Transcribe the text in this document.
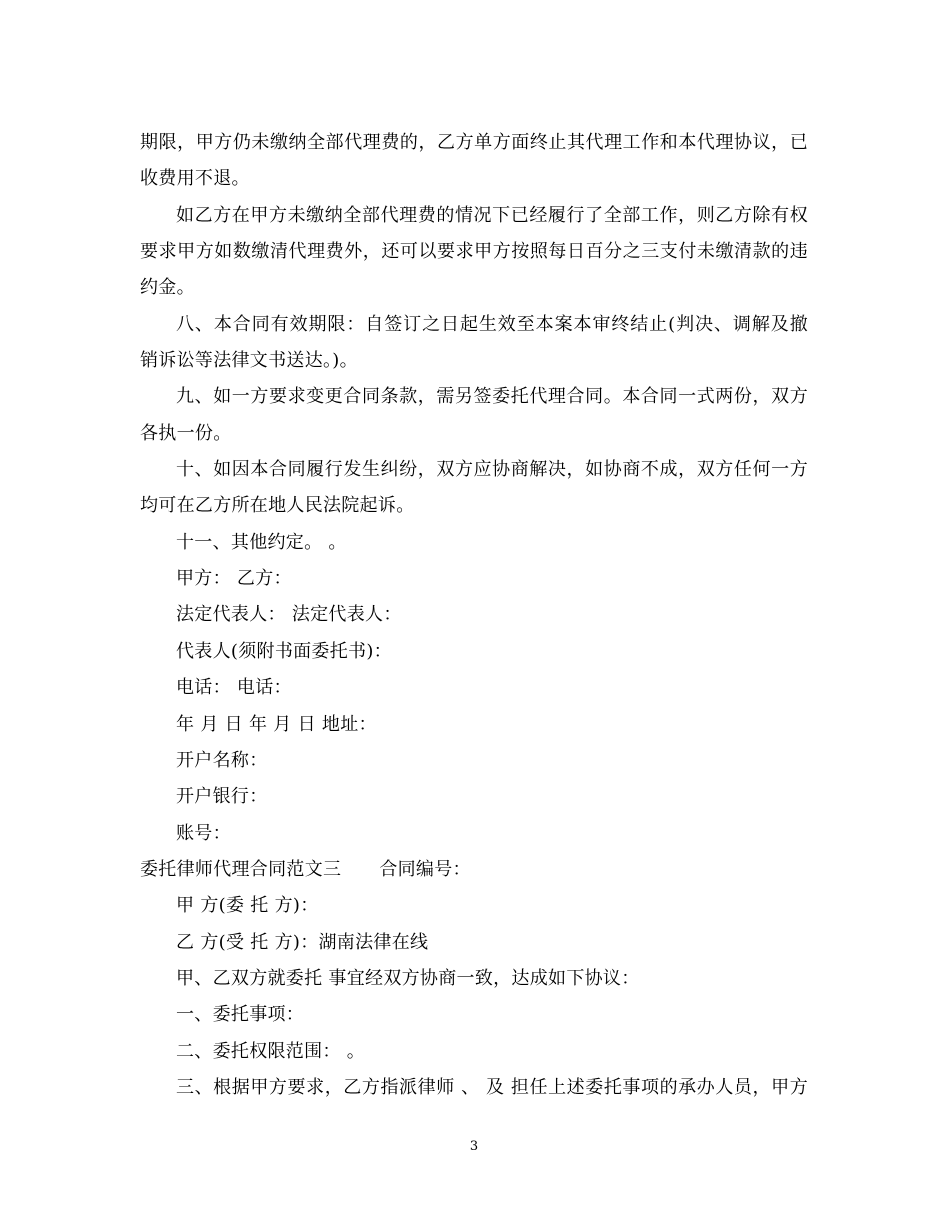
期限，甲方仍未缴纳全部代理费的，乙方单方面终止其代理工作和本代理协议，已
收费用不退。
如乙方在甲方未缴纳全部代理费的情况下已经履行了全部工作，则乙方除有权
要求甲方如数缴清代理费外，还可以要求甲方按照每日百分之三支付未缴清款的违
约金。
八、本合同有效期限：自签订之日起生效至本案本审终结止(判决、调解及撤
销诉讼等法律文书送达。)。
九、如一方要求变更合同条款，需另签委托代理合同。本合同一式两份，双方
各执一份。
十、如因本合同履行发生纠纷，双方应协商解决，如协商不成，双方任何一方
均可在乙方所在地人民法院起诉。
十一、其他约定。 。
甲方： 乙方：
法定代表人： 法定代表人：
代表人(须附书面委托书)：
电话： 电话：
年 月 日 年 月 日 地址：
开户名称：
开户银行：
账号：
委托律师代理合同范文三 合同编号：
甲 方(委 托 方)：
乙 方(受 托 方)：湖南法律在线
甲、乙双方就委托 事宜经双方协商一致，达成如下协议：
一、委托事项：
二、委托权限范围： 。
三、根据甲方要求，乙方指派律师 、 及 担任上述委托事项的承办人员，甲方
3
